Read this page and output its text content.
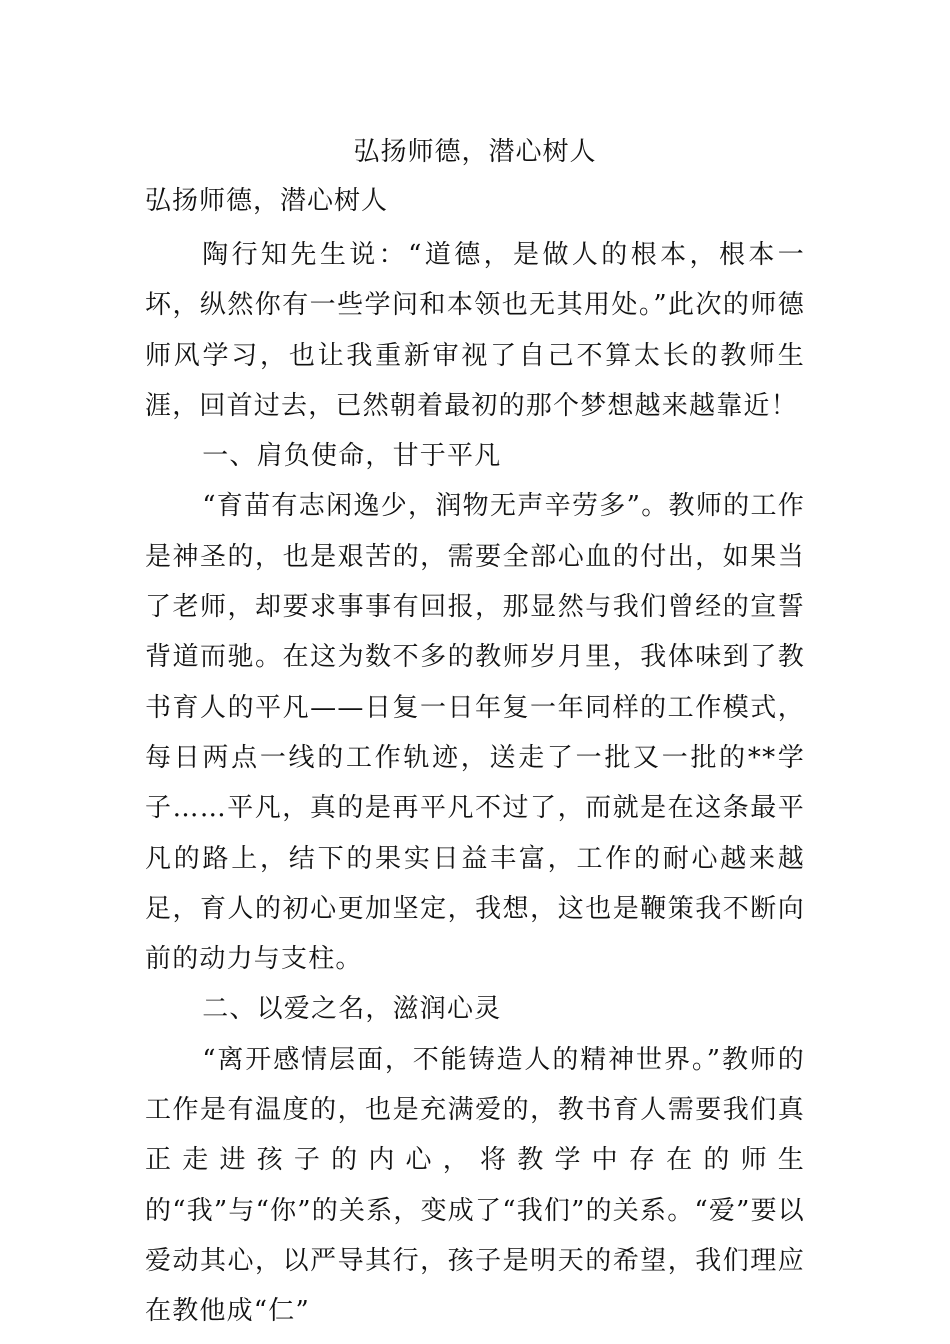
弘扬师德，潜心树人
弘扬师德，潜心树人

陶行知先生说：“道德，是做人的根本，根本一坏，纵然你有一些学问和本领也无其用处。”此次的师德师风学习，也让我重新审视了自己不算太长的教师生涯，回首过去，已然朝着最初的那个梦想越来越靠近！

一、肩负使命，甘于平凡

“育苗有志闲逸少，润物无声辛劳多”。教师的工作是神圣的，也是艰苦的，需要全部心血的付出，如果当了老师，却要求事事有回报，那显然与我们曾经的宣誓背道而驰。在这为数不多的教师岁月里，我体味到了教书育人的平凡——日复一日年复一年同样的工作模式，每日两点一线的工作轨迹，送走了一批又一批的**学子……平凡，真的是再平凡不过了，而就是在这条最平凡的路上，结下的果实日益丰富，工作的耐心越来越足，育人的初心更加坚定，我想，这也是鞭策我不断向前的动力与支柱。

二、以爱之名，滋润心灵

“离开感情层面，不能铸造人的精神世界。”教师的工作是有温度的，也是充满爱的，教书育人需要我们真正走进孩子的内心，将教学中存在的师生的“我”与“你”的关系，变成了“我们”的关系。“爱”要以爱动其心，以严导其行，孩子是明天的希望，我们理应在教他成“仁”
